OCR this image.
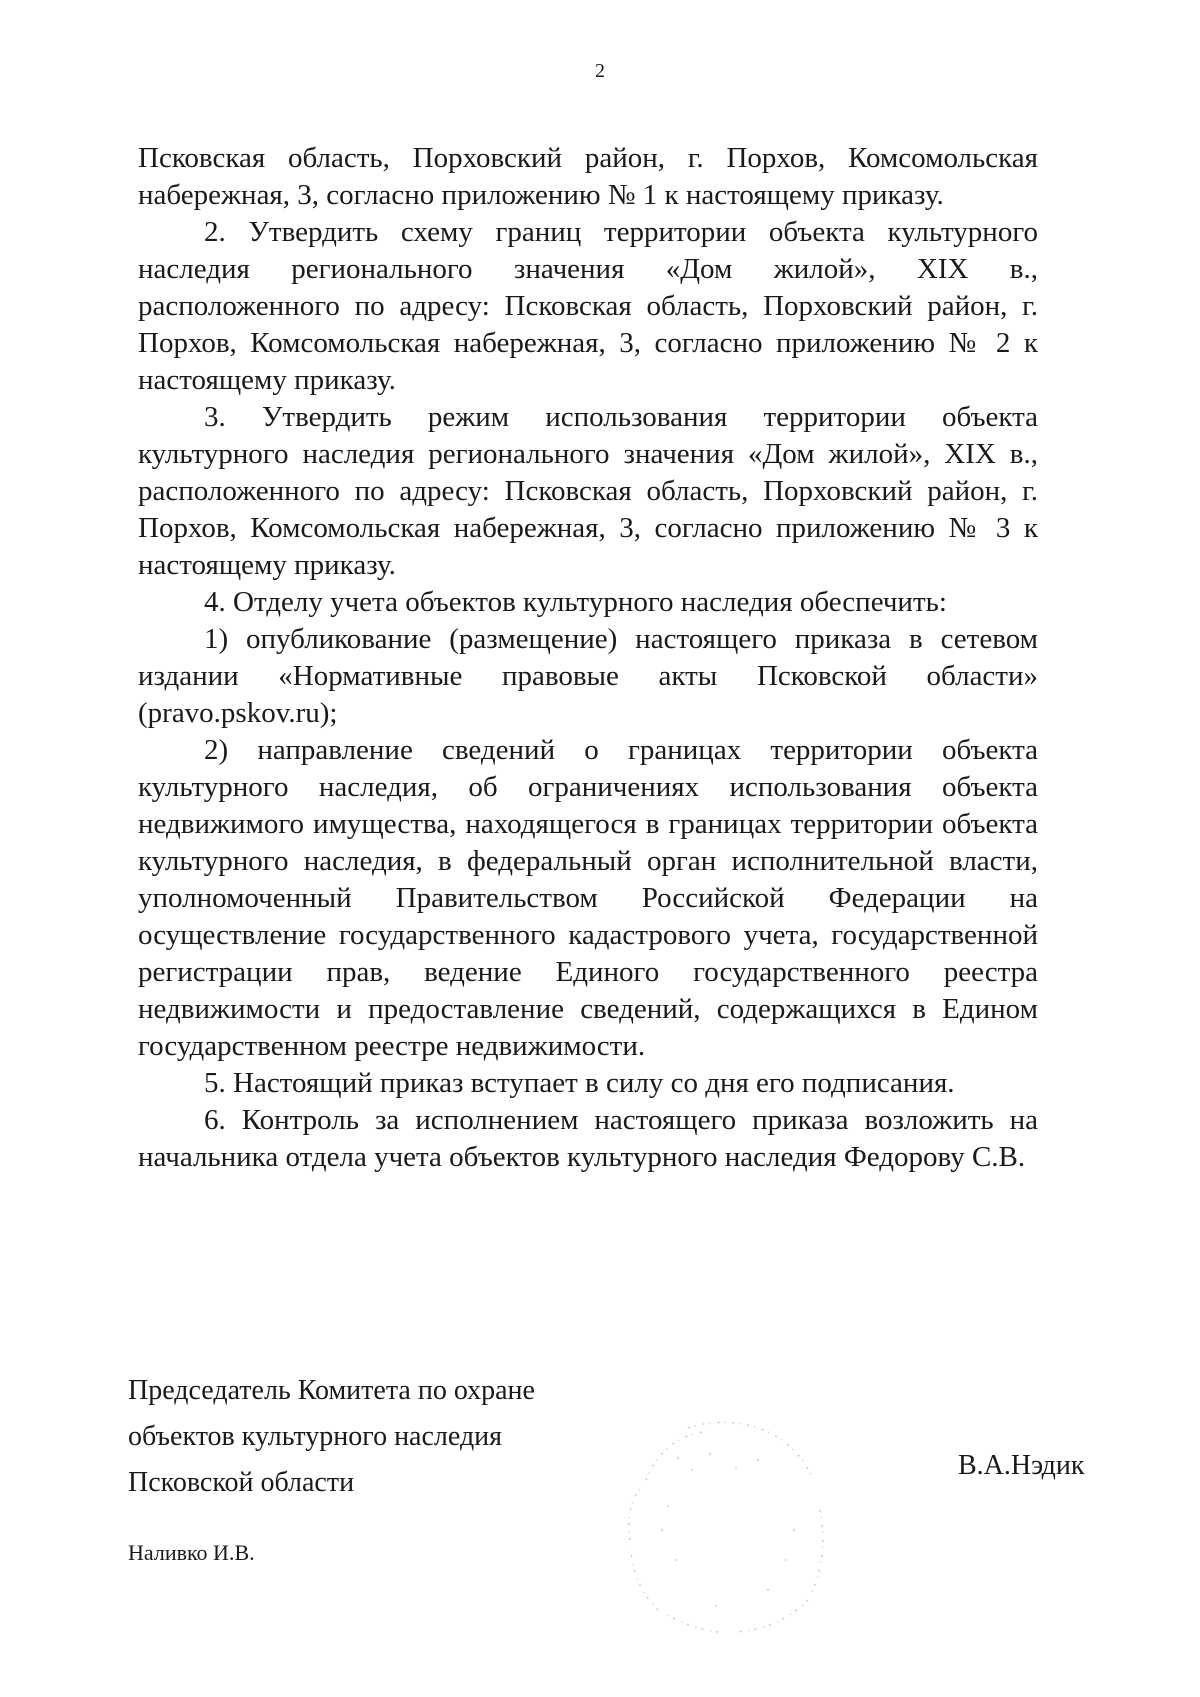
2

Псковская область, Порховский район, г. Порхов, Комсомольская набережная, 3, согласно приложению № 1 к настоящему приказу.

2. Утвердить схему границ территории объекта культурного наследия регионального значения «Дом жилой», XIX в., расположенного по адресу: Псковская область, Порховский район, г. Порхов, Комсомольская набережная, 3, согласно приложению № 2 к настоящему приказу.

3. Утвердить режим использования территории объекта культурного наследия регионального значения «Дом жилой», XIX в., расположенного по адресу: Псковская область, Порховский район, г. Порхов, Комсомольская набережная, 3, согласно приложению № 3 к настоящему приказу.

4. Отделу учета объектов культурного наследия обеспечить:

1) опубликование (размещение) настоящего приказа в сетевом издании «Нормативные правовые акты Псковской области» (pravo.pskov.ru);

2) направление сведений о границах территории объекта культурного наследия, об ограничениях использования объекта недвижимого имущества, находящегося в границах территории объекта культурного наследия, в федеральный орган исполнительной власти, уполномоченный Правительством Российской Федерации на осуществление государственного кадастрового учета, государственной регистрации прав, ведение Единого государственного реестра недвижимости и предоставление сведений, содержащихся в Едином государственном реестре недвижимости.

5. Настоящий приказ вступает в силу со дня его подписания.

6. Контроль за исполнением настоящего приказа возложить на начальника отдела учета объектов культурного наследия Федорову С.В.

Председатель Комитета по охране
объектов культурного наследия
Псковской области
В.А.Нэдик
Наливко И.В.
